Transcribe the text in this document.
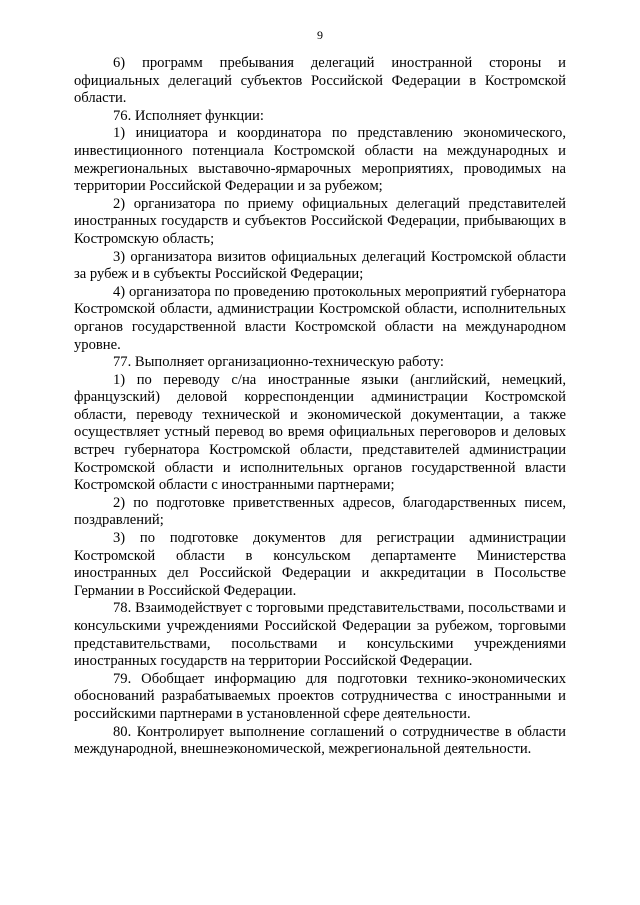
9

6) программ пребывания делегаций иностранной стороны и официальных делегаций субъектов Российской Федерации в Костромской области.

76. Исполняет функции:

1) инициатора и координатора по представлению экономического, инвестиционного потенциала Костромской области на международных и межрегиональных выставочно-ярмарочных мероприятиях, проводимых на территории Российской Федерации и за рубежом;

2) организатора по приему официальных делегаций представителей иностранных государств и субъектов Российской Федерации, прибывающих в Костромскую область;

3) организатора визитов официальных делегаций Костромской области за рубеж и в субъекты Российской Федерации;

4) организатора по проведению протокольных мероприятий губернатора Костромской области, администрации Костромской области, исполнительных органов государственной власти Костромской области на международном уровне.

77. Выполняет организационно-техническую работу:

1) по переводу с/на иностранные языки (английский, немецкий, французский) деловой корреспонденции администрации Костромской области, переводу технической и экономической документации, а также осуществляет устный перевод во время официальных переговоров и деловых встреч губернатора Костромской области, представителей администрации Костромской области и исполнительных органов государственной власти Костромской области с иностранными партнерами;

2) по подготовке приветственных адресов, благодарственных писем, поздравлений;

3) по подготовке документов для регистрации администрации Костромской области в консульском департаменте Министерства иностранных дел Российской Федерации и аккредитации в Посольстве Германии в Российской Федерации.

78. Взаимодействует с торговыми представительствами, посольствами и консульскими учреждениями Российской Федерации за рубежом, торговыми представительствами, посольствами и консульскими учреждениями иностранных государств на территории Российской Федерации.

79. Обобщает информацию для подготовки технико-экономических обоснований разрабатываемых проектов сотрудничества с иностранными и российскими партнерами в установленной сфере деятельности.

80. Контролирует выполнение соглашений о сотрудничестве в области международной, внешнеэкономической, межрегиональной деятельности.
